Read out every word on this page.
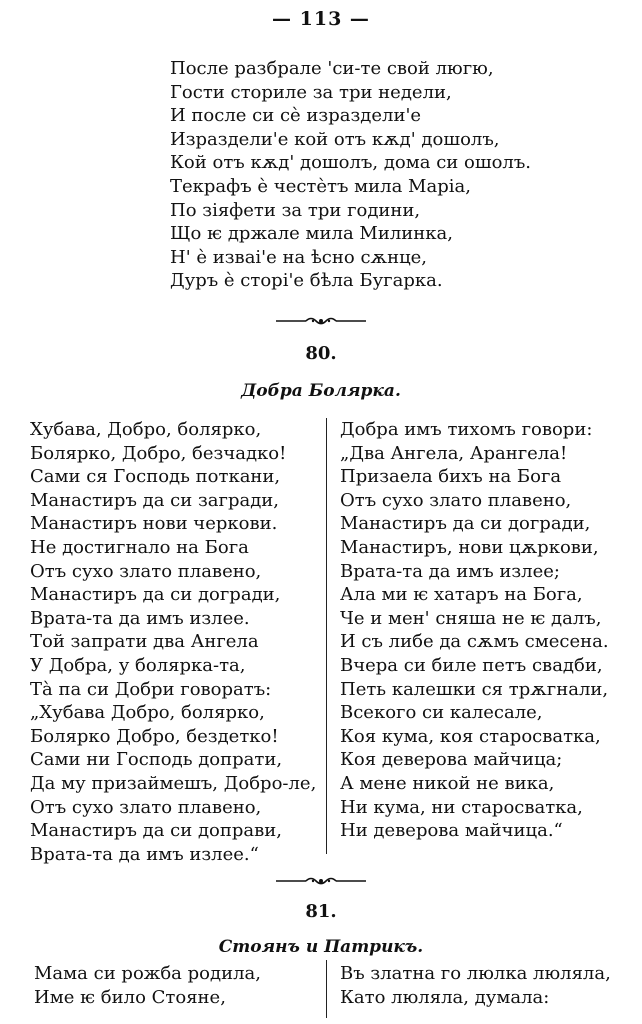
— 113 —
После разбрале 'си-те свой люгю,
Гости сториле за три недели,
И после си сѐ израздели'е
Израздели'е кой отъ кѫд' дошолъ,
Кой отъ кѫд' дошолъ, дома си ошолъ.
Текрафъ ѐ честѐтъ мила Маріа,
По зіяфети за три години,
Що ѥ држале мила Милинка,
Н' ѐ изваi'е на ѣсно сѫнце,
Дуръ ѐ сторі'е бѣла Бугарка.
80.
Добра Болярка.
Хубава, Добро, болярко,
Болярко, Добро, безчадко!
Сами ся Господь поткани,
Манастиръ да си загради,
Манастиръ нови черкови.
Не достигнало на Бога
Отъ сухо злато плавено,
Манастиръ да си догради,
Врата-та да имъ излее.
Той запрати два Ангела
У Добра, у болярка-та,
Тà па си Добри говоратъ:
„Хубава Добро, болярко,
Болярко Добро, бездетко!
Сами ни Господь допрати,
Да му призаймешъ, Добро-ле,
Отъ сухо злато плавено,
Манастиръ да си доправи,
Врата-та да имъ излее.“
Добра имъ тихомъ говори:
„Два Ангела, Арангела!
Призаела бихъ на Бога
Отъ сухо злато плавено,
Манастиръ да си догради,
Манастиръ, нови цѫркови,
Врата-та да имъ излее;
Ала ми ѥ хатаръ на Бога,
Че и мен' сняша не ѥ далъ,
И съ либе да сѫмъ смесена.
Вчера си биле петъ свадби,
Петь калешки ся трѫгнали,
Всекого си калесале,
Коя кума, коя старосватка,
Коя деверова майчица;
А мене никой не вика,
Ни кума, ни старосватка,
Ни деверова майчица.“
81.
Стоянъ и Патрикъ.
Мама си рожба родила,
Име ѥ било Стояне,
Въ златна го люлка люляла,
Като люляла, думала:
